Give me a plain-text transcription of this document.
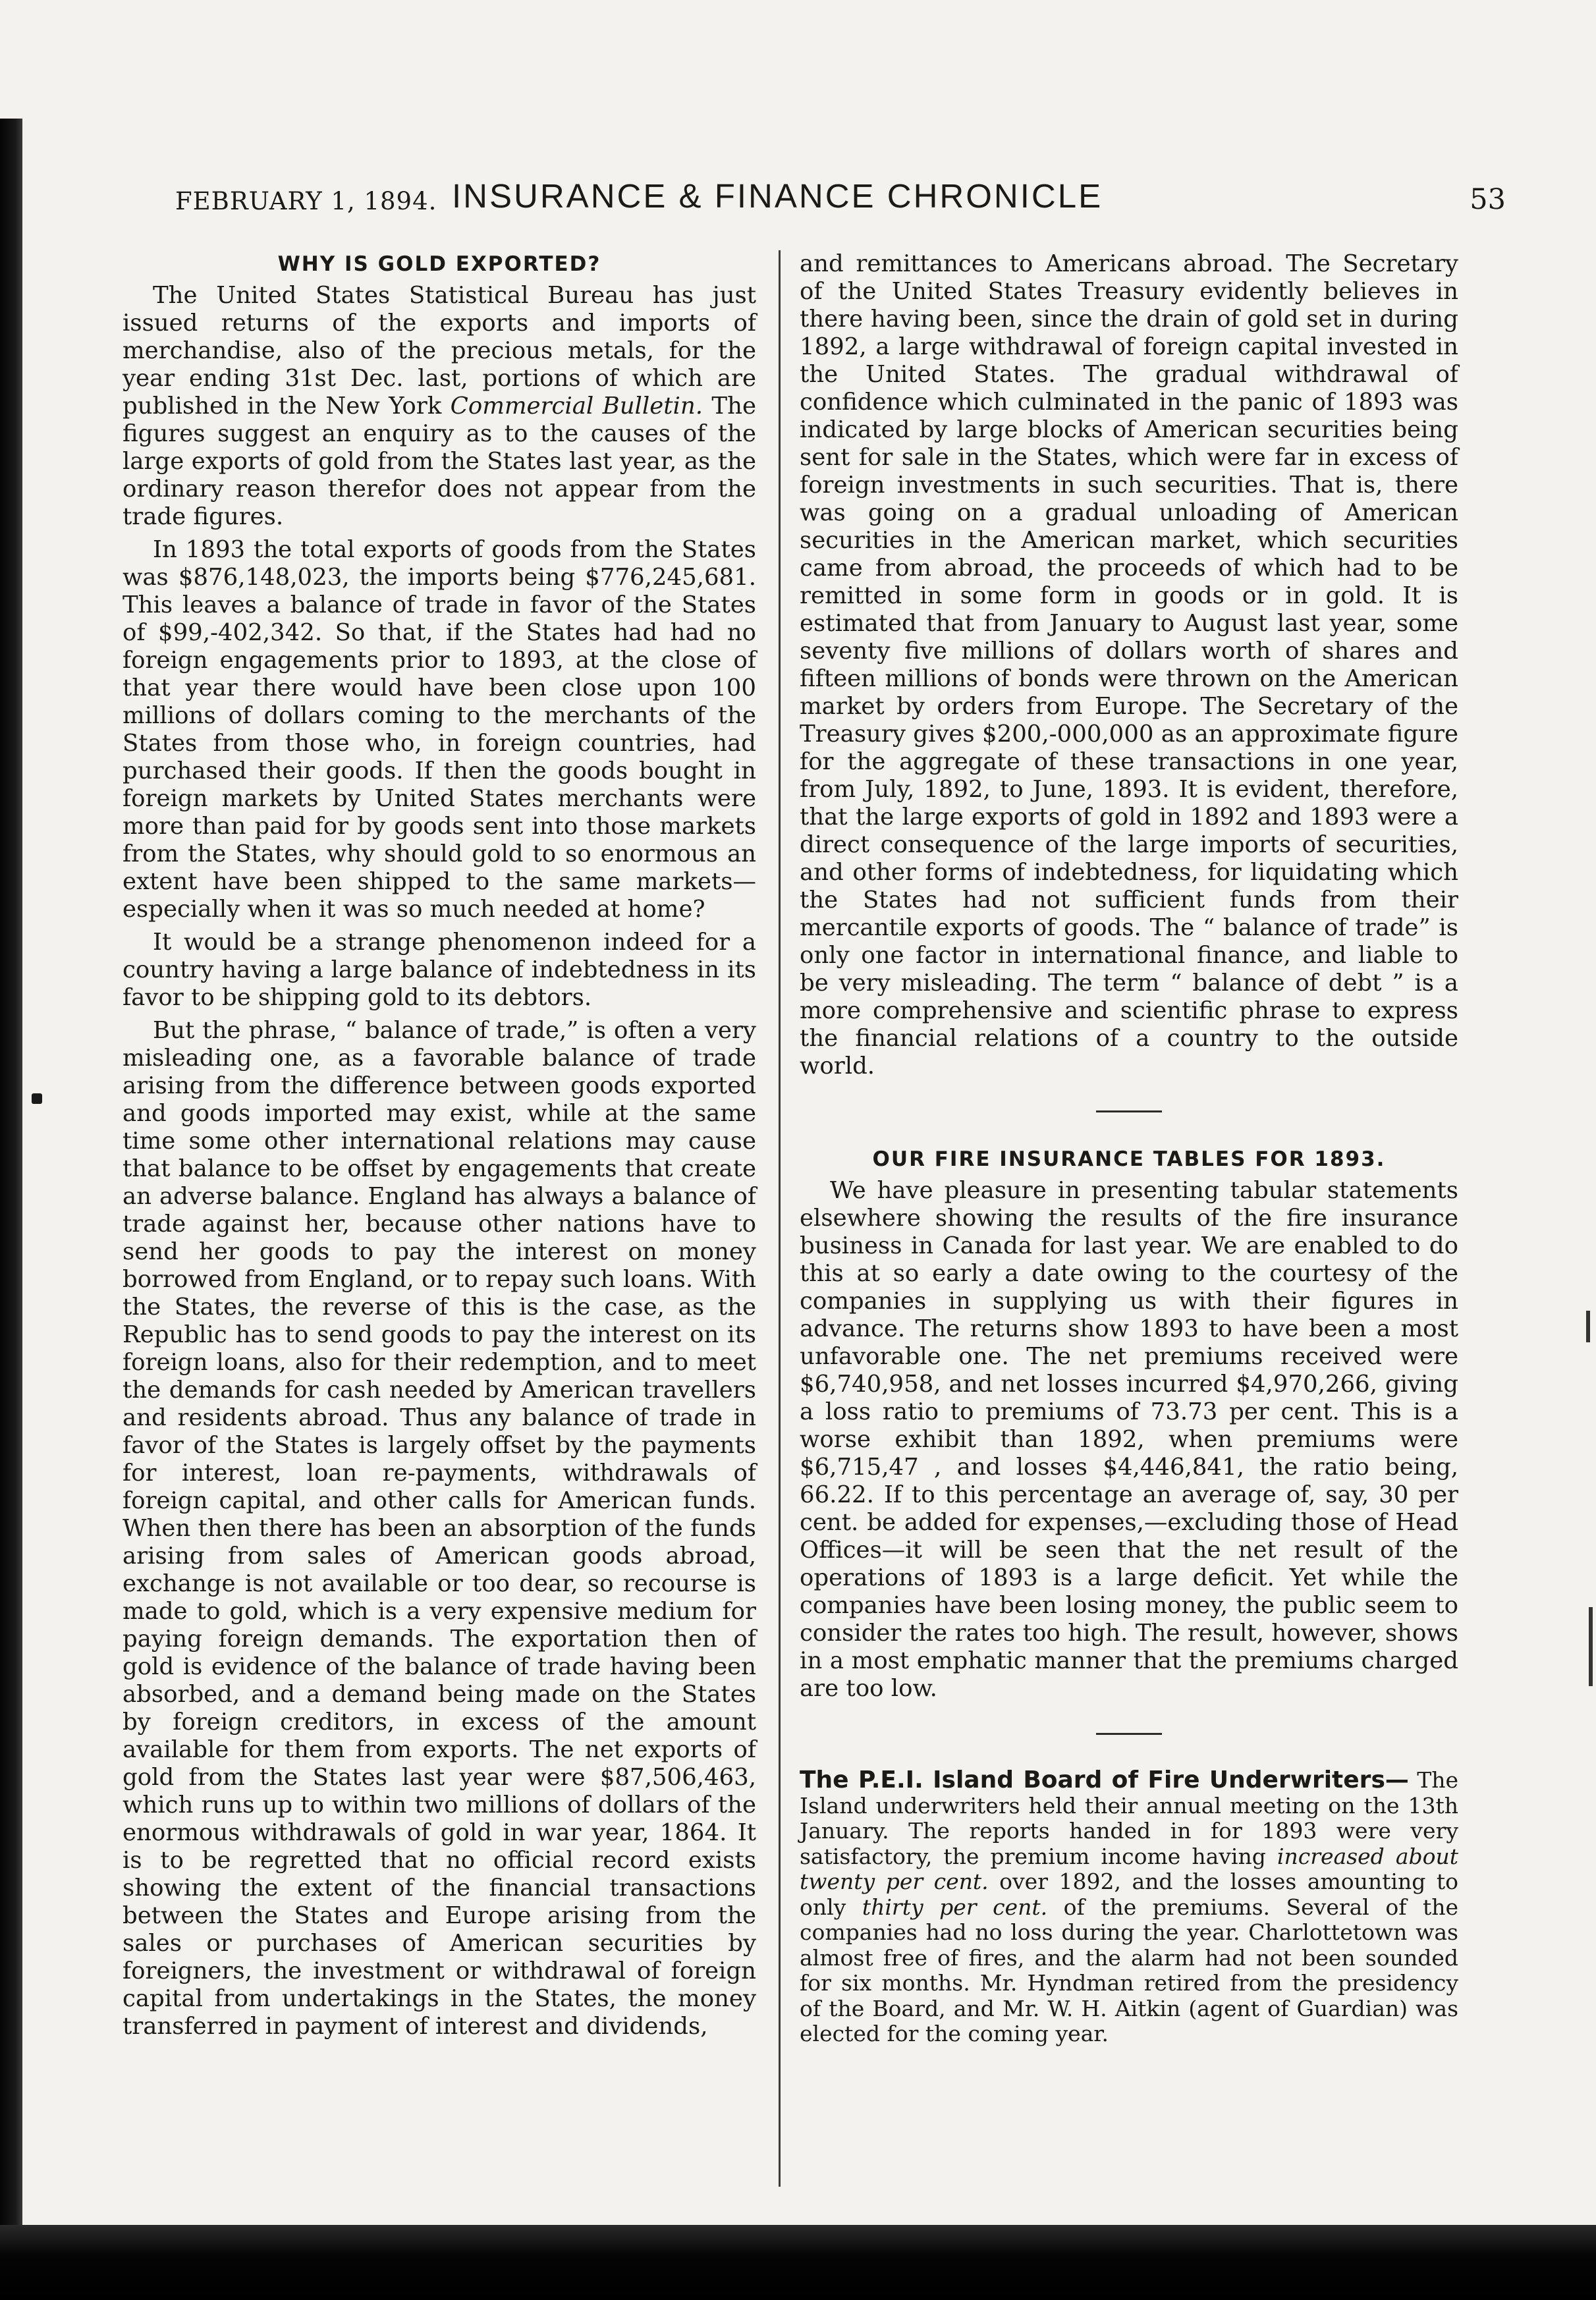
FEBRUARY 1, 1894. INSURANCE & FINANCE CHRONICLE	53
WHY IS GOLD EXPORTED?

The United States Statistical Bureau has just issued returns of the exports and imports of merchandise, also of the precious metals, for the year ending 31st Dec. last, portions of which are published in the New York Commercial Bulletin. The figures suggest an enquiry as to the causes of the large exports of gold from the States last year, as the ordinary reason therefor does not appear from the trade figures.

In 1893 the total exports of goods from the States was $876,148,023, the imports being $776,245,681. This leaves a balance of trade in favor of the States of $99,-402,342. So that, if the States had had no foreign engagements prior to 1893, at the close of that year there would have been close upon 100 millions of dollars coming to the merchants of the States from those who, in foreign countries, had purchased their goods. If then the goods bought in foreign markets by United States merchants were more than paid for by goods sent into those markets from the States, why should gold to so enormous an extent have been shipped to the same markets—especially when it was so much needed at home?

It would be a strange phenomenon indeed for a country having a large balance of indebtedness in its favor to be shipping gold to its debtors.

But the phrase, “ balance of trade,” is often a very misleading one, as a favorable balance of trade arising from the difference between goods exported and goods imported may exist, while at the same time some other international relations may cause that balance to be offset by engagements that create an adverse balance. England has always a balance of trade against her, because other nations have to send her goods to pay the interest on money borrowed from England, or to repay such loans. With the States, the reverse of this is the case, as the Republic has to send goods to pay the interest on its foreign loans, also for their redemption, and to meet the demands for cash needed by American travellers and residents abroad. Thus any balance of trade in favor of the States is largely offset by the payments for interest, loan re-payments, withdrawals of foreign capital, and other calls for American funds. When then there has been an absorption of the funds arising from sales of American goods abroad, exchange is not available or too dear, so recourse is made to gold, which is a very expensive medium for paying foreign demands. The exportation then of gold is evidence of the balance of trade having been absorbed, and a demand being made on the States by foreign creditors, in excess of the amount available for them from exports. The net exports of gold from the States last year were $87,506,463, which runs up to within two millions of dollars of the enormous withdrawals of gold in war year, 1864. It is to be regretted that no official record exists showing the extent of the financial transactions between the States and Europe arising from the sales or purchases of American securities by foreigners, the investment or withdrawal of foreign capital from undertakings in the States, the money transferred in payment of interest and dividends,

and remittances to Americans abroad. The Secretary of the United States Treasury evidently believes in there having been, since the drain of gold set in during 1892, a large withdrawal of foreign capital invested in the United States. The gradual withdrawal of confidence which culminated in the panic of 1893 was indicated by large blocks of American securities being sent for sale in the States, which were far in excess of foreign investments in such securities. That is, there was going on a gradual unloading of American securities in the American market, which securities came from abroad, the proceeds of which had to be remitted in some form in goods or in gold. It is estimated that from January to August last year, some seventy five millions of dollars worth of shares and fifteen millions of bonds were thrown on the American market by orders from Europe. The Secretary of the Treasury gives $200,-000,000 as an approximate figure for the aggregate of these transactions in one year, from July, 1892, to June, 1893. It is evident, therefore, that the large exports of gold in 1892 and 1893 were a direct consequence of the large imports of securities, and other forms of indebtedness, for liquidating which the States had not sufficient funds from their mercantile exports of goods. The “ balance of trade” is only one factor in international finance, and liable to be very misleading. The term “ balance of debt ” is a more comprehensive and scientific phrase to express the financial relations of a country to the outside world.

OUR FIRE INSURANCE TABLES FOR 1893.

We have pleasure in presenting tabular statements elsewhere showing the results of the fire insurance business in Canada for last year. We are enabled to do this at so early a date owing to the courtesy of the companies in supplying us with their figures in advance. The returns show 1893 to have been a most unfavorable one. The net premiums received were $6,740,958, and net losses incurred $4,970,266, giving a loss ratio to premiums of 73.73 per cent. This is a worse exhibit than 1892, when premiums were $6,715,47 , and losses $4,446,841, the ratio being, 66.22. If to this percentage an average of, say, 30 per cent. be added for expenses,—excluding those of Head Offices—it will be seen that the net result of the operations of 1893 is a large deficit. Yet while the companies have been losing money, the public seem to consider the rates too high. The result, however, shows in a most emphatic manner that the premiums charged are too low.

The P.E.I. Island Board of Fire Underwriters— The Island underwriters held their annual meeting on the 13th January. The reports handed in for 1893 were very satisfactory, the premium income having increased about twenty per cent. over 1892, and the losses amounting to only thirty per cent. of the premiums. Several of the companies had no loss during the year. Charlottetown was almost free of fires, and the alarm had not been sounded for six months. Mr. Hyndman retired from the presidency of the Board, and Mr. W. H. Aitkin (agent of Guardian) was elected for the coming year.
